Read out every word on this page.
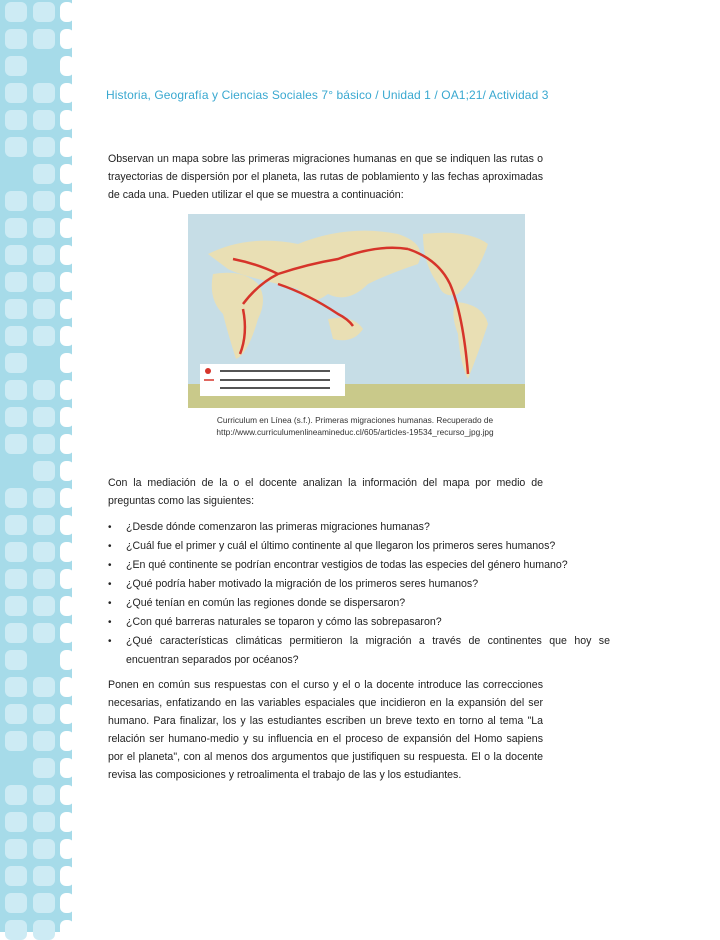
Historia, Geografía y Ciencias Sociales 7° básico / Unidad 1 / OA1;21/ Actividad 3

Observan un mapa sobre las primeras migraciones humanas en que se indiquen las rutas o trayectorias de dispersión por el planeta, las rutas de poblamiento y las fechas aproximadas de cada una. Pueden utilizar el que se muestra a continuación:

Curriculum en Línea (s.f.). Primeras migraciones humanas. Recuperado de
http://www.curriculumenlineamineduc.cl/605/articles-19534_recurso_jpg.jpg

Con la mediación de la o el docente analizan la información del mapa por medio de preguntas como las siguientes:

• ¿Desde dónde comenzaron las primeras migraciones humanas?
• ¿Cuál fue el primer y cuál el último continente al que llegaron los primeros seres humanos?
• ¿En qué continente se podrían encontrar vestigios de todas las especies del género humano?
• ¿Qué podría haber motivado la migración de los primeros seres humanos?
• ¿Qué tenían en común las regiones donde se dispersaron?
• ¿Con qué barreras naturales se toparon y cómo las sobrepasaron?
• ¿Qué características climáticas permitieron la migración a través de continentes que hoy se encuentran separados por océanos?

Ponen en común sus respuestas con el curso y el o la docente introduce las correcciones necesarias, enfatizando en las variables espaciales que incidieron en la expansión del ser humano. Para finalizar, los y las estudiantes escriben un breve texto en torno al tema "La relación ser humano-medio y su influencia en el proceso de expansión del Homo sapiens por el planeta", con al menos dos argumentos que justifiquen su respuesta. El o la docente revisa las composiciones y retroalimenta el trabajo de las y los estudiantes.
